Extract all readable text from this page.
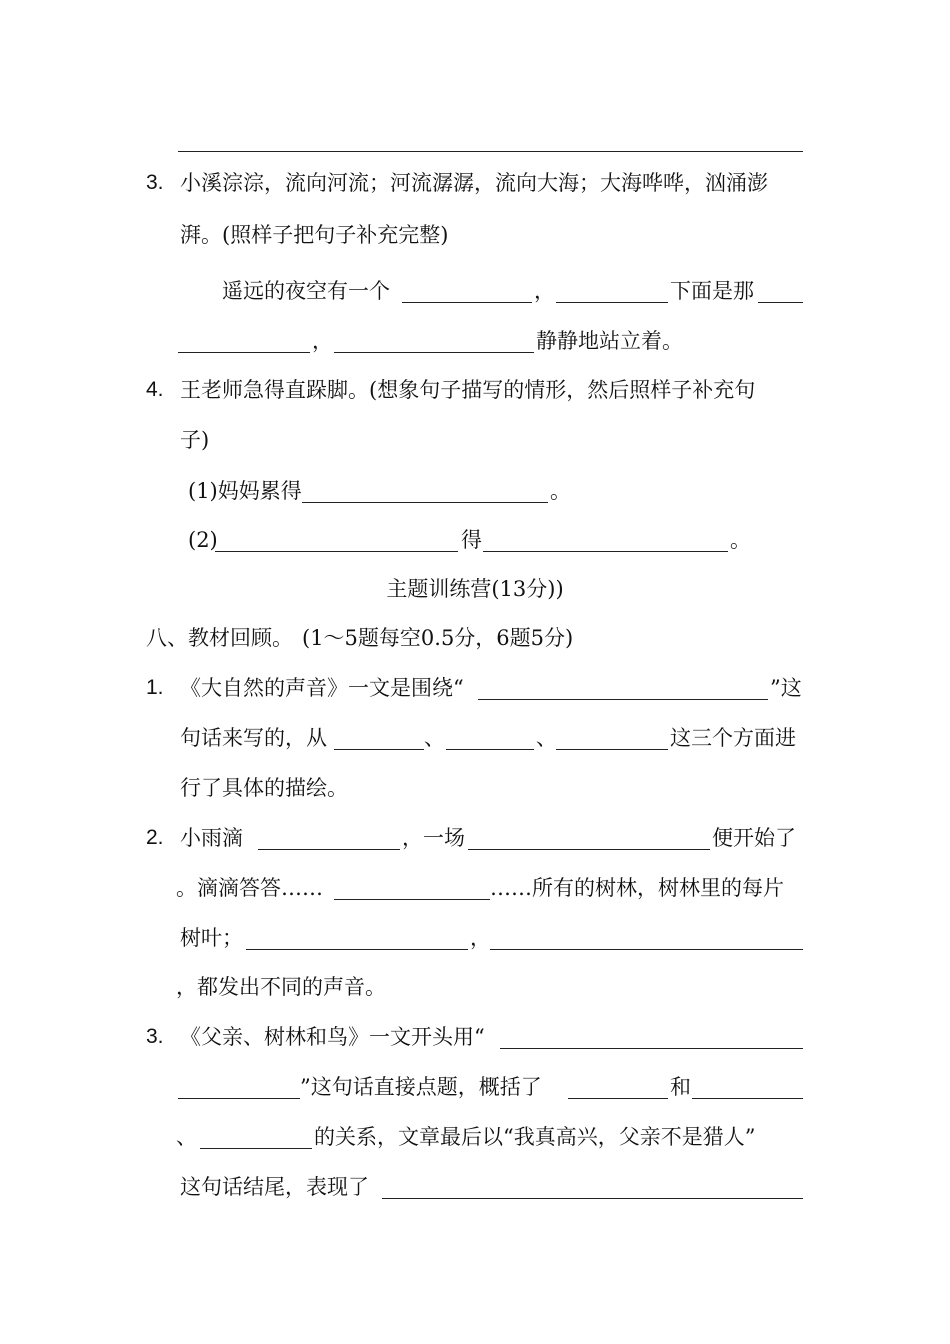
3. 小溪淙淙，流向河流；河流潺潺，流向大海；大海哗哗，汹涌澎
湃。(照样子把句子补充完整)
遥远的夜空有一个	，	下面是那
，	静静地站立着。
4. 王老师急得直跺脚。(想象句子描写的情形，然后照样子补充句
子)
(1)妈妈累得	。
(2)	得	。
主题训练营(13分))
八、教材回顾。 (1～5题每空0.5分，6题5分)
1. 《大自然的声音》一文是围绕“	”这
句话来写的，从	、	、	这三个方面进
行了具体的描绘。
2. 小雨滴	，一场	便开始了
。滴滴答答……	……所有的树林，树林里的每片
树叶；	，
，都发出不同的声音。
3. 《父亲、树林和鸟》一文开头用“
”这句话直接点题，概括了	和
、	的关系，文章最后以“我真高兴，父亲不是猎人”
这句话结尾，表现了
